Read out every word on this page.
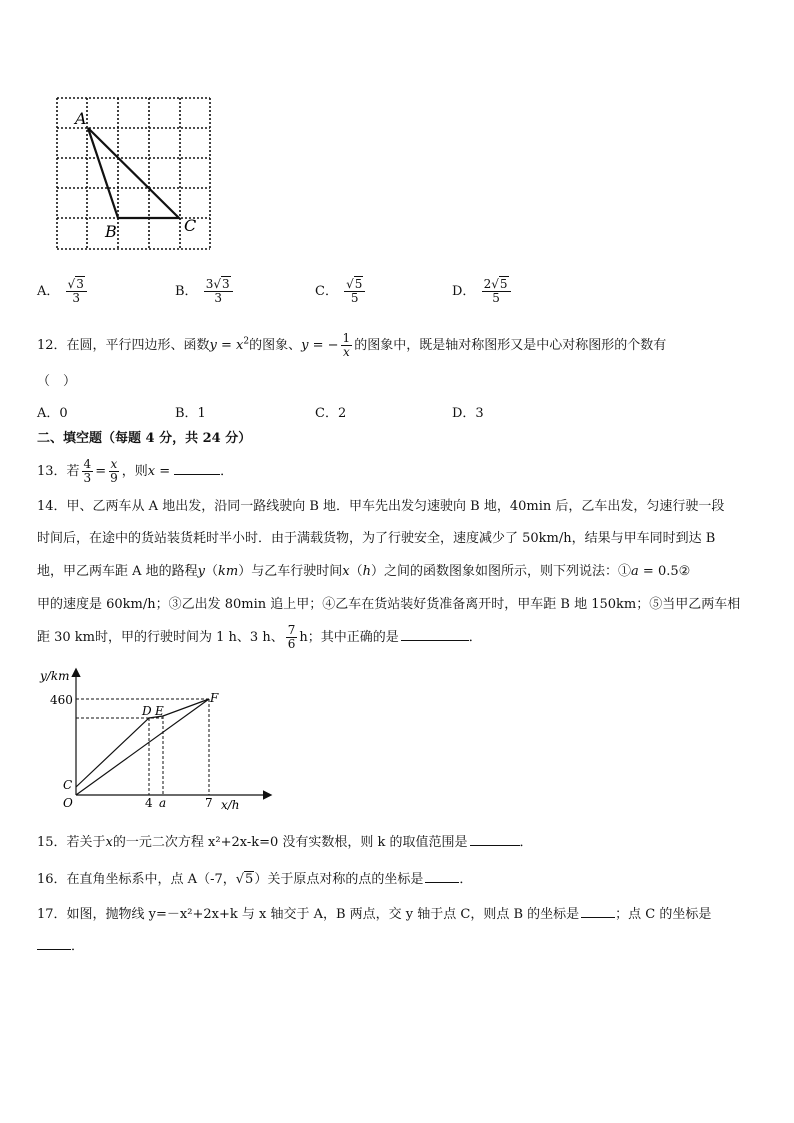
A
B	C
A． $\frac{√3}{3}$	B． $\frac{3√3}{3}$	C． $\frac{√5}{5}$	D． $\frac{2√5}{5}$
12．在圆，平行四边形、函数$y = x^2$的图象、y = − $\frac{1}{x}$ 的图象中，既是轴对称图形又是中心对称图形的个数有
（　）
A．0	B．1	C．2	D．3
二、填空题（每题 4 分，共 24 分）
13．若 $\frac{4}{3} = \frac{x}{9}$ ，则x =	．
14．甲、乙两车从 A 地出发，沿同一路线驶向 B 地．甲车先出发匀速驶向 B 地，40min 后，乙车出发，匀速行驶一段
时间后，在途中的货站装货耗时半小时．由于满载货物，为了行驶安全，速度减少了 50km/h，结果与甲车同时到达 B
地，甲乙两车距 A 地的路程y（km）与乙车行驶时间x（h）之间的函数图象如图所示，则下列说法：①a = 0.5②
甲的速度是 60km/h；③乙出发 80min 追上甲；④乙车在货站装好货准备离开时，甲车距 B 地 150km；⑤当甲乙两车相
距 30 km时，甲的行驶时间为 1 h、3 h、 $\frac{7}{6}$ h；其中正确的是	．
y/km
460
C
O
D E
F
4 a	7 x/h
15．若关于x的一元二次方程 x²+2x-k=0 没有实数根，则 k 的取值范围是	．
16．在直角坐标系中，点 A（-7，√5）关于原点对称的点的坐标是	．
17．如图，抛物线 y=－x²+2x+k 与 x 轴交于 A，B 两点，交 y 轴于点 C，则点 B 的坐标是	；点 C 的坐标是
．
